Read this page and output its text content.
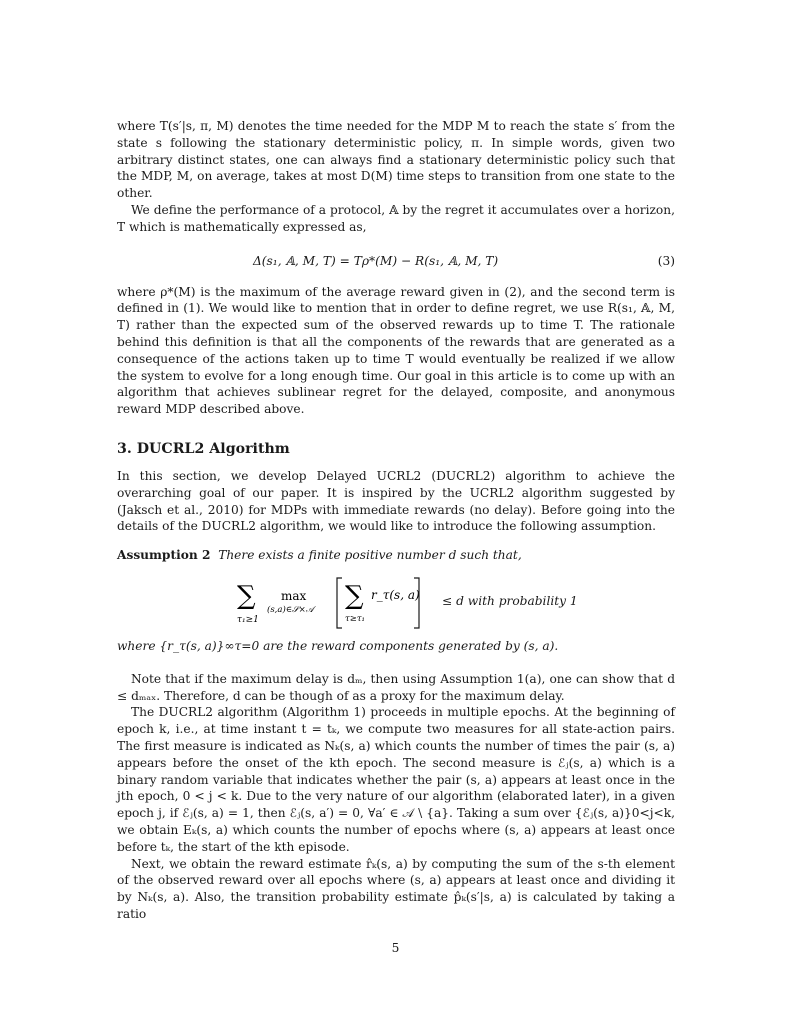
where T(s′|s, π, M) denotes the time needed for the MDP M to reach the state s′ from the state s following the stationary deterministic policy, π. In simple words, given two arbitrary distinct states, one can always find a stationary deterministic policy such that the MDP, M, on average, takes at most D(M) time steps to transition from one state to the other.

We define the performance of a protocol, 𝔸 by the regret it accumulates over a horizon, T which is mathematically expressed as,

Δ(s₁, 𝔸, M, T) = Tρ*(M) − R(s₁, 𝔸, M, T)	(3)

where ρ*(M) is the maximum of the average reward given in (2), and the second term is defined in (1). We would like to mention that in order to define regret, we use R(s₁, 𝔸, M, T) rather than the expected sum of the observed rewards up to time T. The rationale behind this definition is that all the components of the rewards that are generated as a consequence of the actions taken up to time T would eventually be realized if we allow the system to evolve for a long enough time. Our goal in this article is to come up with an algorithm that achieves sublinear regret for the delayed, composite, and anonymous reward MDP described above.

3. DUCRL2 Algorithm

In this section, we develop Delayed UCRL2 (DUCRL2) algorithm to achieve the overarching goal of our paper. It is inspired by the UCRL2 algorithm suggested by (Jaksch et al., 2010) for MDPs with immediate rewards (no delay). Before going into the details of the DUCRL2 algorithm, we would like to introduce the following assumption.

Assumption 2 There exists a finite positive number d such that,

∑
τ₁≥1
max
(s,a)∈𝒮×𝒜 ∑
τ≥τ₁
r_τ(s, a) ≤ d with probability 1

where {r_τ(s, a)}∞τ=0 are the reward components generated by (s, a).

Note that if the maximum delay is dₘ, then using Assumption 1(a), one can show that d ≤ dₘₐₓ. Therefore, d can be though of as a proxy for the maximum delay.

The DUCRL2 algorithm (Algorithm 1) proceeds in multiple epochs. At the beginning of epoch k, i.e., at time instant t = tₖ, we compute two measures for all state-action pairs. The first measure is indicated as Nₖ(s, a) which counts the number of times the pair (s, a) appears before the onset of the kth epoch. The second measure is ℰⱼ(s, a) which is a binary random variable that indicates whether the pair (s, a) appears at least once in the jth epoch, 0 < j < k. Due to the very nature of our algorithm (elaborated later), in a given epoch j, if ℰⱼ(s, a) = 1, then ℰⱼ(s, a′) = 0, ∀a′ ∈ 𝒜 \ {a}. Taking a sum over {ℰⱼ(s, a)}0<j<k, we obtain Eₖ(s, a) which counts the number of epochs where (s, a) appears at least once before tₖ, the start of the kth episode.

Next, we obtain the reward estimate r̂ₖ(s, a) by computing the sum of the s-th element of the observed reward over all epochs where (s, a) appears at least once and dividing it by Nₖ(s, a). Also, the transition probability estimate p̂ₖ(s′|s, a) is calculated by taking a ratio

5
